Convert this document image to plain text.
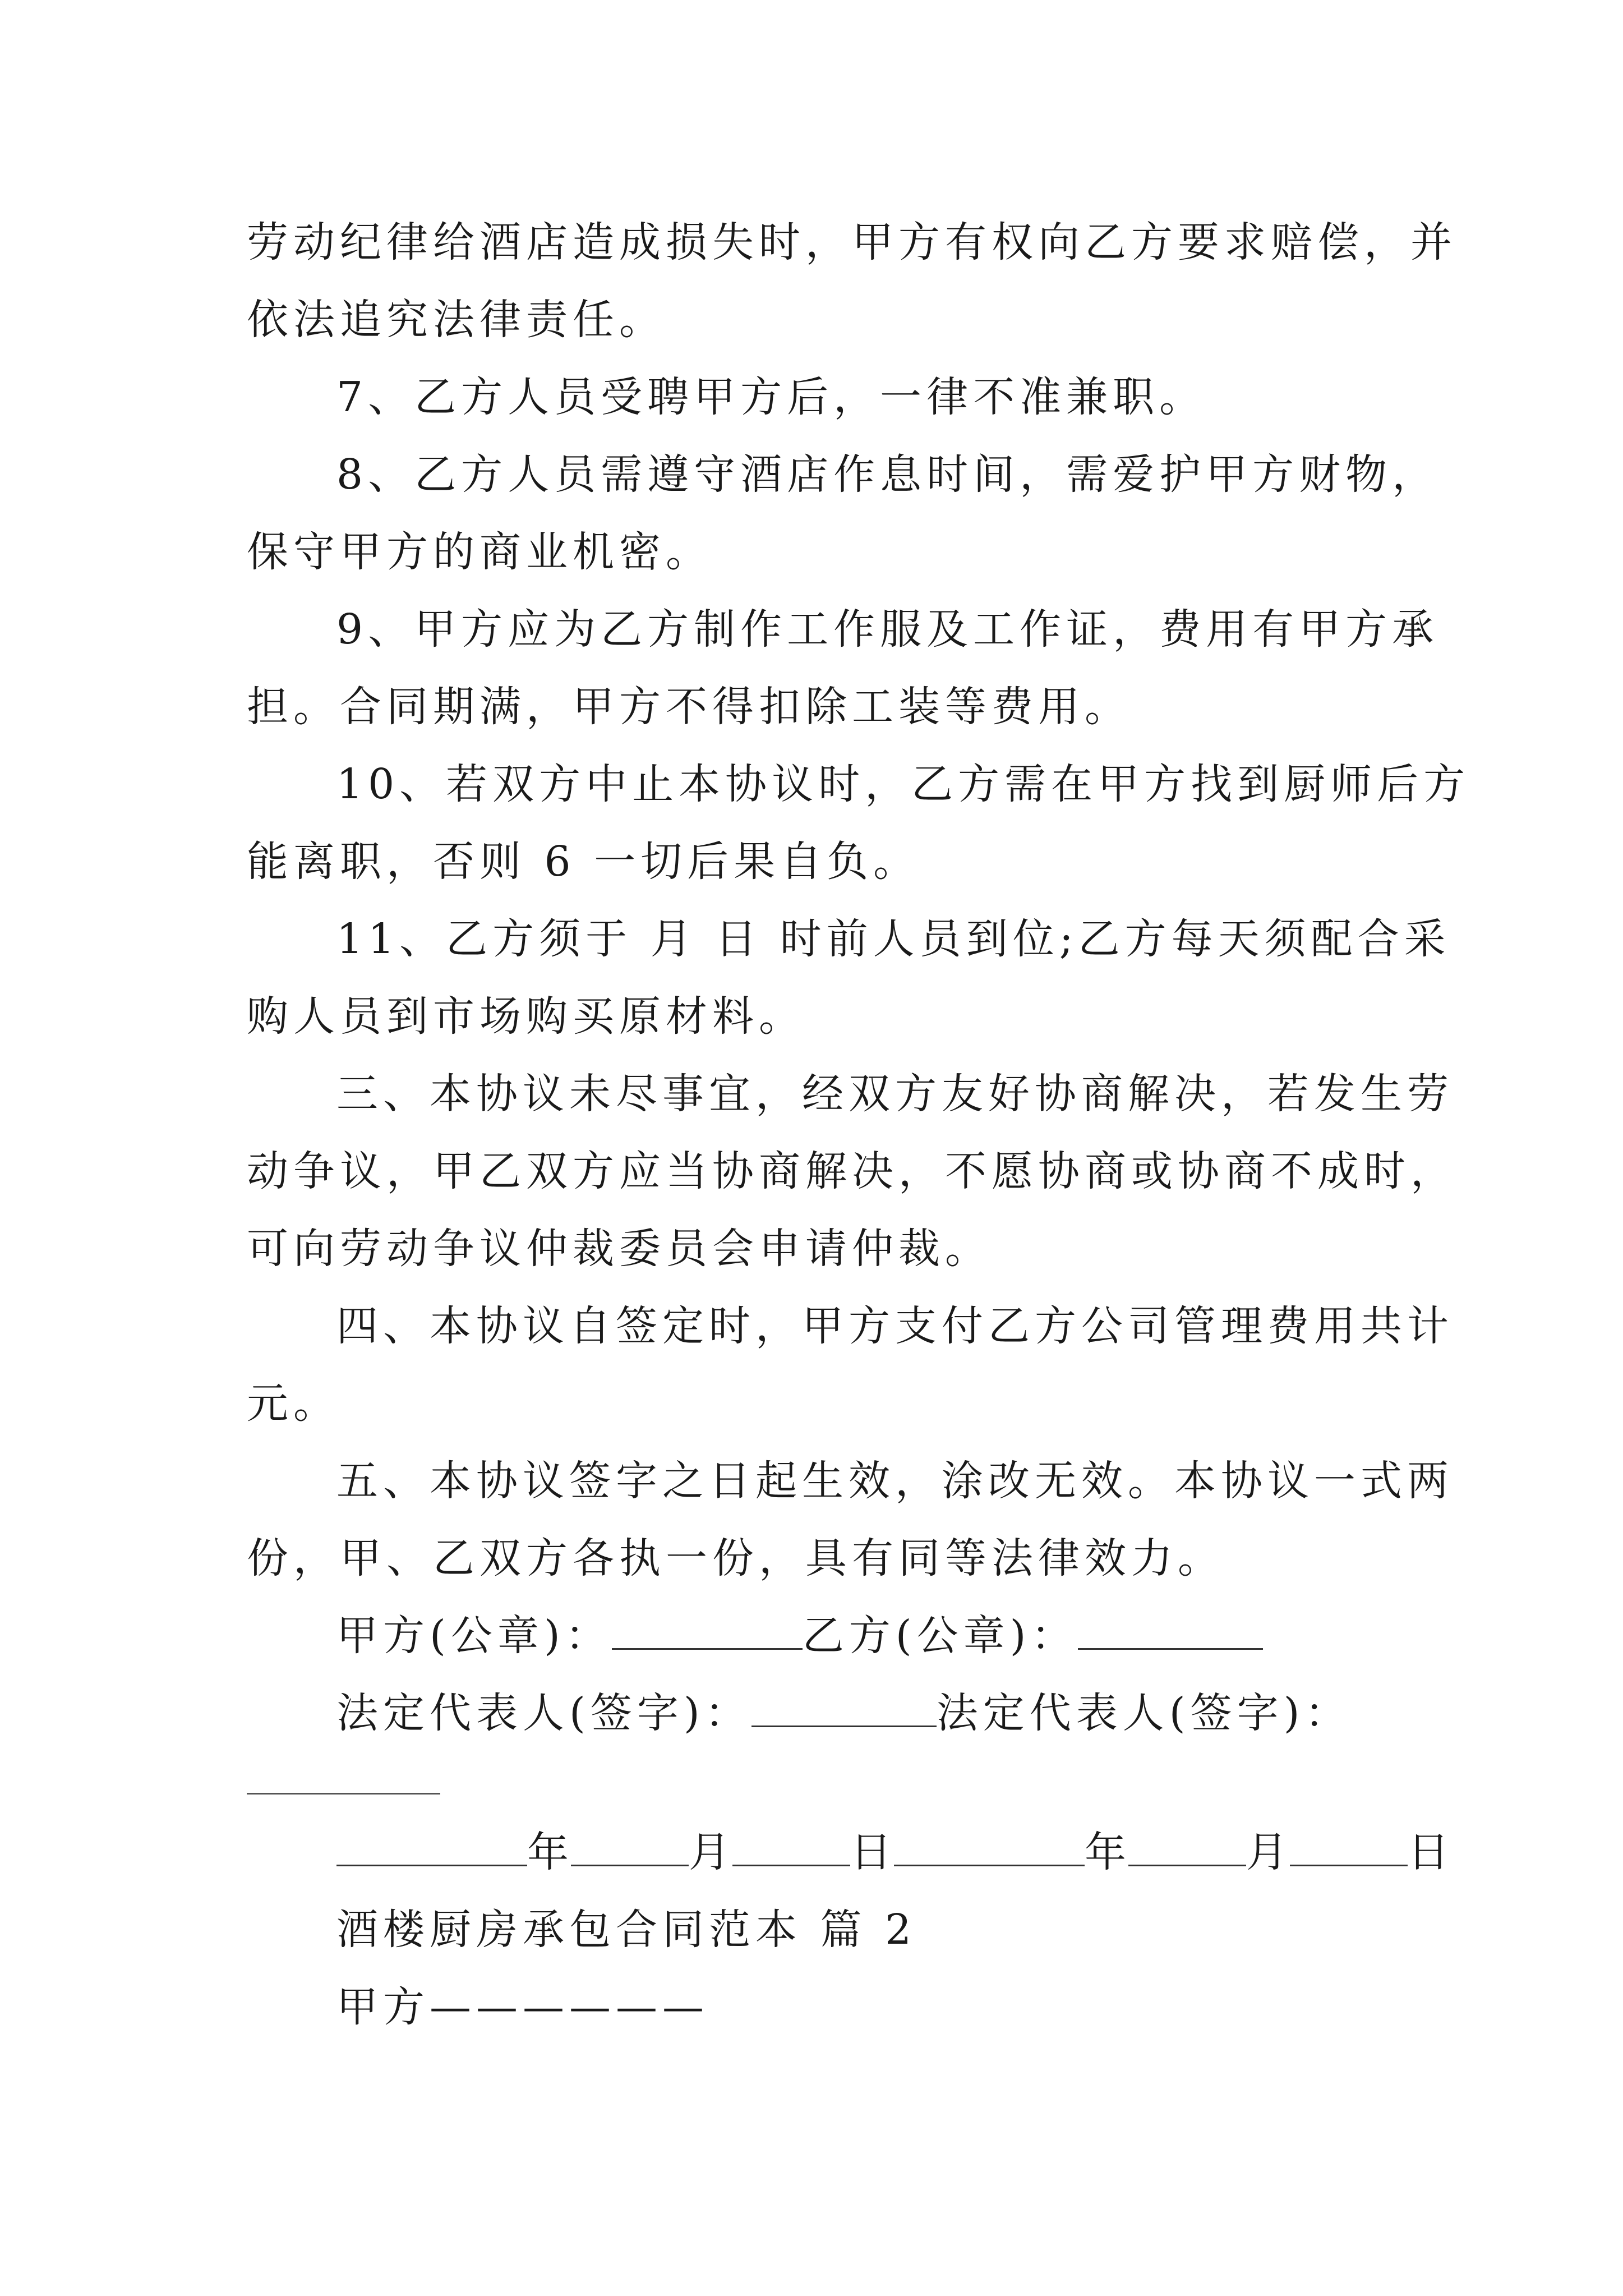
劳动纪律给酒店造成损失时，甲方有权向乙方要求赔偿，并
依法追究法律责任。
7、乙方人员受聘甲方后，一律不准兼职。
8、乙方人员需遵守酒店作息时间，需爱护甲方财物，
保守甲方的商业机密。
9、甲方应为乙方制作工作服及工作证，费用有甲方承
担。合同期满，甲方不得扣除工装等费用。
10、若双方中止本协议时，乙方需在甲方找到厨师后方
能离职，否则 6 一切后果自负。
11、乙方须于 月 日 时前人员到位;乙方每天须配合采
购人员到市场购买原材料。
三、本协议未尽事宜，经双方友好协商解决，若发生劳
动争议，甲乙双方应当协商解决，不愿协商或协商不成时，
可向劳动争议仲裁委员会申请仲裁。
四、本协议自签定时，甲方支付乙方公司管理费用共计
元。
五、本协议签字之日起生效，涂改无效。本协议一式两
份，甲、乙双方各执一份，具有同等法律效力。
甲方(公章)：	乙方(公章)：
法定代表人(签字)：	法定代表人(签字)：
年	月	日	年	月	日
酒楼厨房承包合同范本 篇 2
甲方——————
